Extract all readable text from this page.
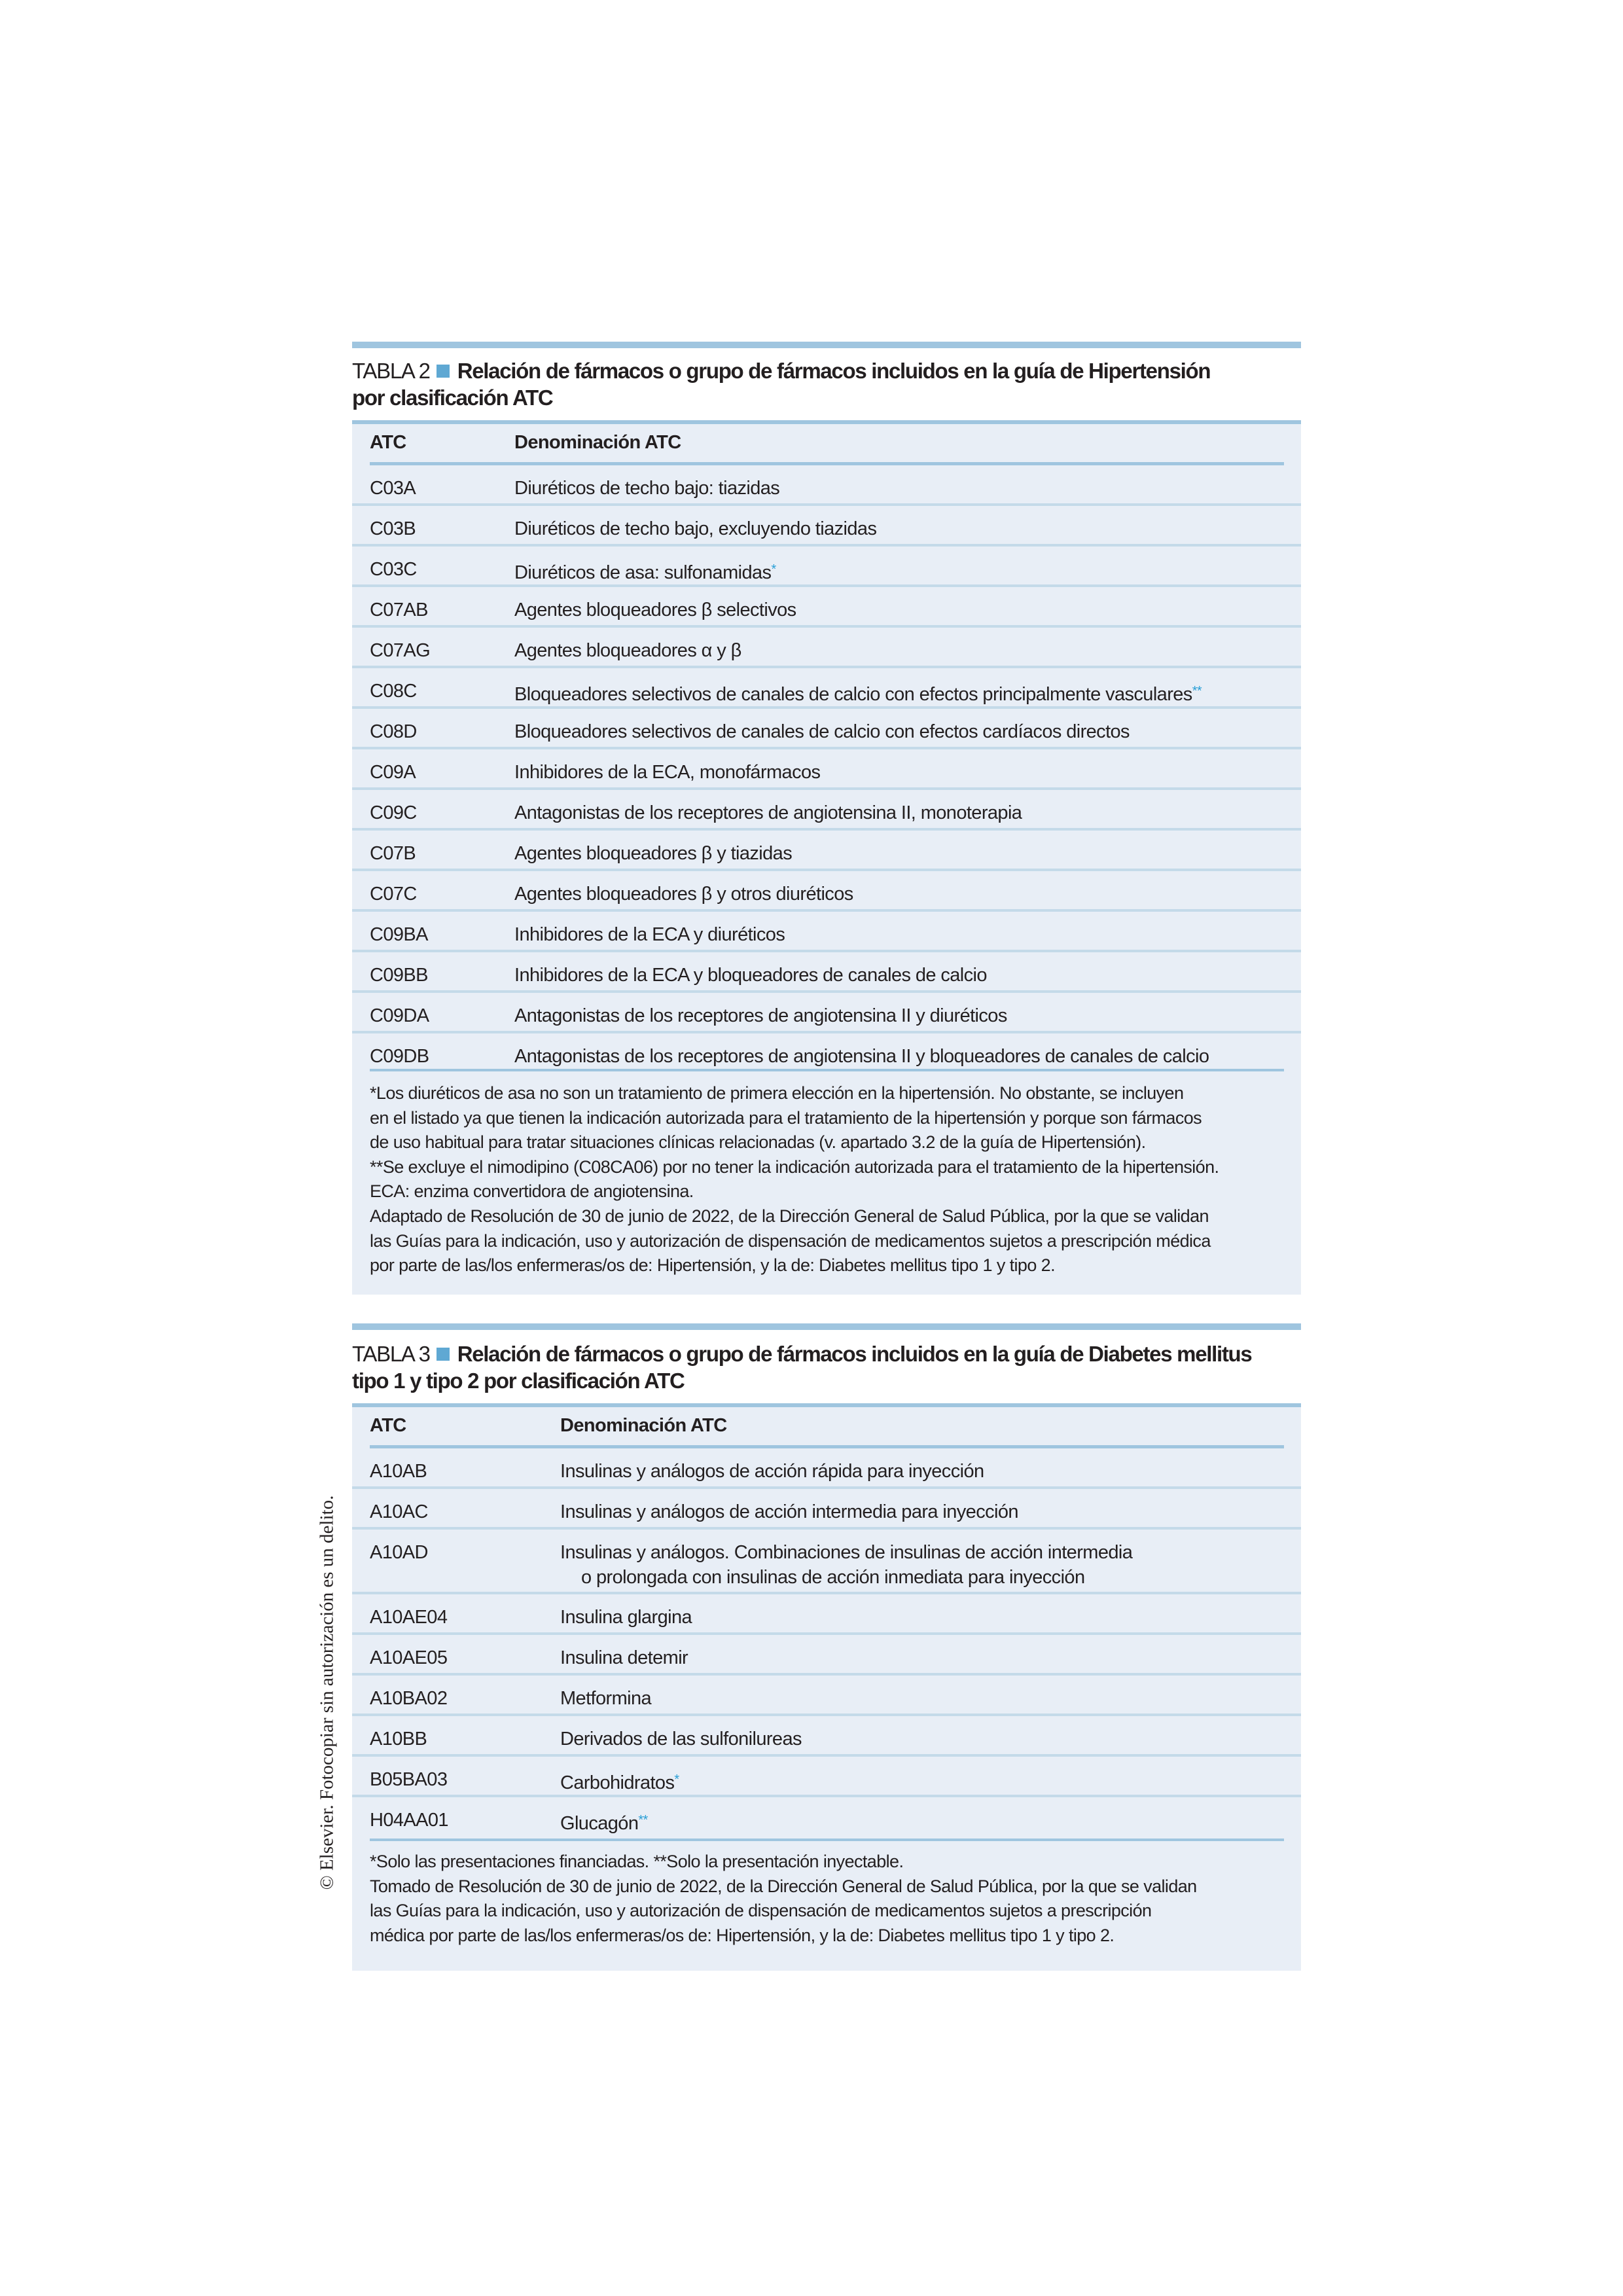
© Elsevier. Fotocopiar sin autorización es un delito.
TABLA 2 Relación de fármacos o grupo de fármacos incluidos en la guía de Hipertensión
por clasificación ATC
ATC	Denominación ATC
*Los diuréticos de asa no son un tratamiento de primera elección en la hipertensión. No obstante, se incluyen
en el listado ya que tienen la indicación autorizada para el tratamiento de la hipertensión y porque son fármacos
de uso habitual para tratar situaciones clínicas relacionadas (v. apartado 3.2 de la guía de Hipertensión).
**Se excluye el nimodipino (C08CA06) por no tener la indicación autorizada para el tratamiento de la hipertensión.
ECA: enzima convertidora de angiotensina.
Adaptado de Resolución de 30 de junio de 2022, de la Dirección General de Salud Pública, por la que se validan
las Guías para la indicación, uso y autorización de dispensación de medicamentos sujetos a prescripción médica
por parte de las/los enfermeras/os de: Hipertensión, y la de: Diabetes mellitus tipo 1 y tipo 2.
C03A	Diuréticos de techo bajo: tiazidas
C03B	Diuréticos de techo bajo, excluyendo tiazidas
C03C	Diuréticos de asa: sulfonamidas*
C07AB	Agentes bloqueadores β selectivos
C07AG	Agentes bloqueadores α y β
C08C	Bloqueadores selectivos de canales de calcio con efectos principalmente vasculares**
C08D	Bloqueadores selectivos de canales de calcio con efectos cardíacos directos
C09A	Inhibidores de la ECA, monofármacos
C09C	Antagonistas de los receptores de angiotensina II, monoterapia
C07B	Agentes bloqueadores β y tiazidas
C07C	Agentes bloqueadores β y otros diuréticos
C09BA	Inhibidores de la ECA y diuréticos
C09BB	Inhibidores de la ECA y bloqueadores de canales de calcio
C09DA	Antagonistas de los receptores de angiotensina II y diuréticos
C09DB	Antagonistas de los receptores de angiotensina II y bloqueadores de canales de calcio
TABLA 3 Relación de fármacos o grupo de fármacos incluidos en la guía de Diabetes mellitus
tipo 1 y tipo 2 por clasificación ATC
ATC	Denominación ATC
*Solo las presentaciones financiadas. **Solo la presentación inyectable.
Tomado de Resolución de 30 de junio de 2022, de la Dirección General de Salud Pública, por la que se validan
las Guías para la indicación, uso y autorización de dispensación de medicamentos sujetos a prescripción
médica por parte de las/los enfermeras/os de: Hipertensión, y la de: Diabetes mellitus tipo 1 y tipo 2.
A10AB	Insulinas y análogos de acción rápida para inyección
A10AC	Insulinas y análogos de acción intermedia para inyección
A10AD	Insulinas y análogos. Combinaciones de insulinas de acción intermedia
o prolongada con insulinas de acción inmediata para inyección
A10AE04	Insulina glargina
A10AE05	Insulina detemir
A10BA02	Metformina
A10BB	Derivados de las sulfonilureas
B05BA03	Carbohidratos*
H04AA01	Glucagón**
